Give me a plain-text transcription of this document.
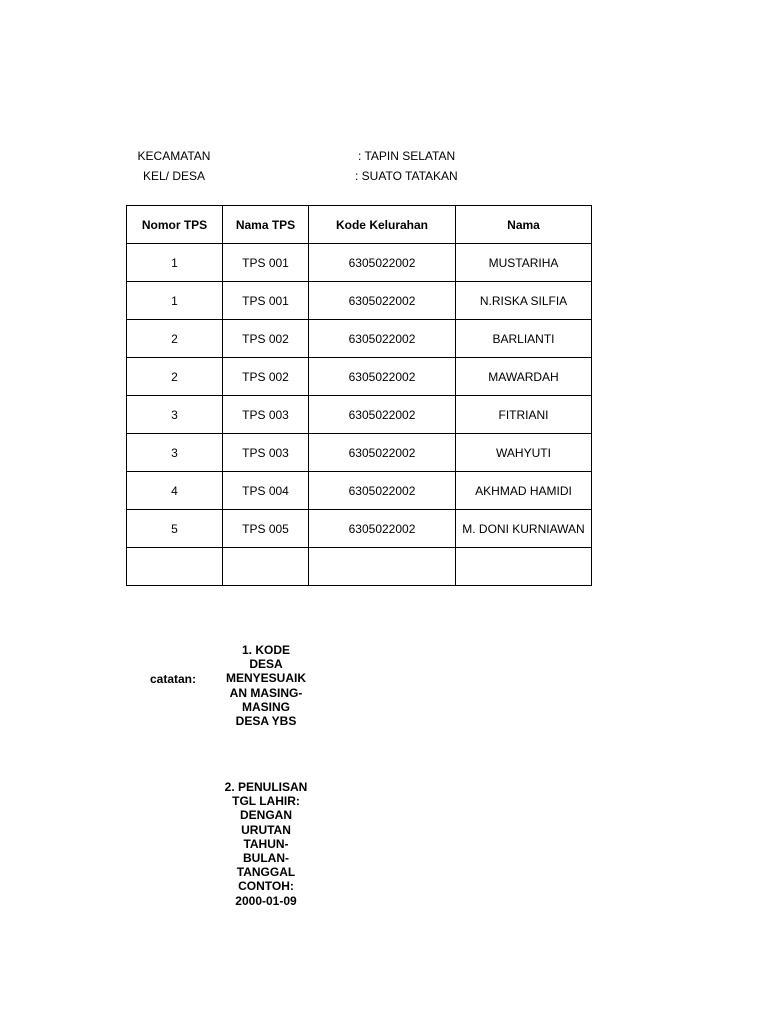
KECAMATAN	: TAPIN SELATAN
KEL/ DESA	: SUATO TATAKAN
Nomor TPS	Nama TPS	Kode Kelurahan	Nama
1	TPS 001	6305022002	MUSTARIHA
1	TPS 001	6305022002	N.RISKA SILFIA
2	TPS 002	6305022002	BARLIANTI
2	TPS 002	6305022002	MAWARDAH
3	TPS 003	6305022002	FITRIANI
3	TPS 003	6305022002	WAHYUTI
4	TPS 004	6305022002	AKHMAD HAMIDI
5	TPS 005	6305022002	M. DONI KURNIAWAN

catatan:
1. KODE DESA MENYESUAIKAN MASING-MASING DESA YBS
2. PENULISAN TGL LAHIR: DENGAN URUTAN TAHUN-BULAN-TANGGAL CONTOH: 2000-01-09
